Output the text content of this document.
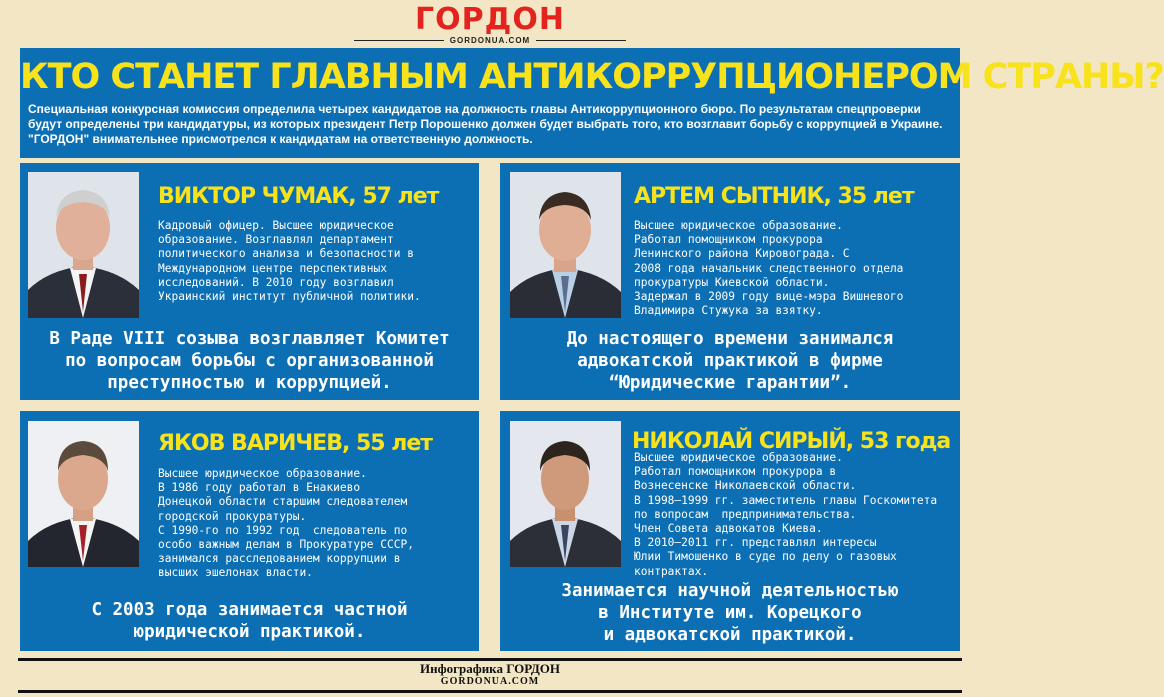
ГОРДОН
GORDONUA.COM
КТО СТАНЕТ ГЛАВНЫМ АНТИКОРРУПЦИОНЕРОМ СТРАНЫ?
Специальная конкурсная комиссия определила четырех кандидатов на должность главы Антикоррупционного бюро. По результатам спецпроверки будут определены три кандидатуры, из которых президент Петр Порошенко должен будет выбрать того, кто возглавит борьбу с коррупцией в Украине. "ГОРДОН" внимательнее присмотрелся к кандидатам на ответственную должность.
ВИКТОР ЧУМАК, 57 лет
Кадровый офицер. Высшее юридическое
образование. Возглавлял департамент
политического анализа и безопасности в
Международном центре перспективных
исследований. В 2010 году возглавил
Украинский институт публичной политики.
В Раде VIII созыва возглавляет Комитет
по вопросам борьбы с организованной
преступностью и коррупцией.
АРТЕМ СЫТНИК, 35 лет
Высшее юридическое образование.
Работал помощником прокурора
Ленинского района Кировограда. С
2008 года начальник следственного отдела
прокуратуры Киевской области.
Задержал в 2009 году вице-мэра Вишневого
Владимира Стужука за взятку.
До настоящего времени занимался
адвокатской практикой в фирме
“Юридические гарантии”.
ЯКОВ ВАРИЧЕВ, 55 лет
Высшее юридическое образование.
В 1986 году работал в Енакиево
Донецкой области старшим следователем
городской прокуратуры.
С 1990-го по 1992 год  следователь по
особо важным делам в Прокуратуре СССР,
занимался расследованием коррупции в
высших эшелонах власти.
С 2003 года занимается частной
юридической практикой.
НИКОЛАЙ СИРЫЙ, 53 года
Высшее юридическое образование.
Работал помощником прокурора в
Вознесенске Николаевской области.
В 1998–1999 гг. заместитель главы Госкомитета
по вопросам  предпринимательства.
Член Совета адвокатов Киева.
В 2010–2011 гг. представлял интересы
Юлии Тимошенко в суде по делу о газовых
контрактах.
Занимается научной деятельностью
в Институте им. Корецкого
и адвокатской практикой.
Инфографика ГОРДОН
GORDONUA.COM
